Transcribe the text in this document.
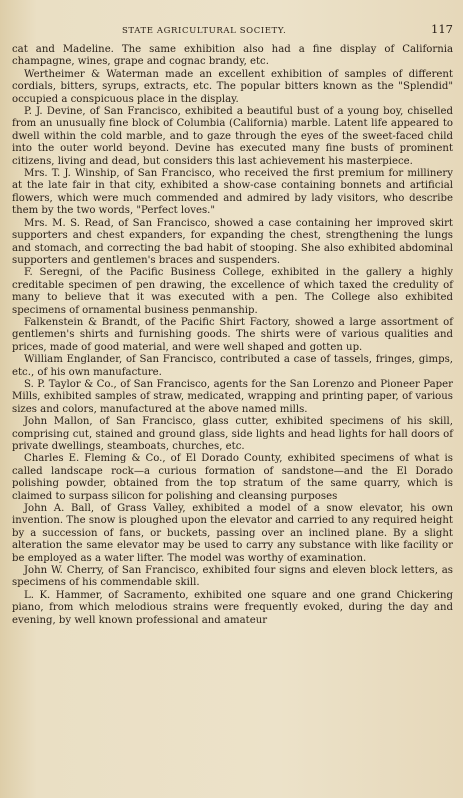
STATE AGRICULTURAL SOCIETY.	117

cat and Madeline. The same exhibition also had a fine display of California champagne, wines, grape and cognac brandy, etc.

Wertheimer & Waterman made an excellent exhibition of samples of different cordials, bitters, syrups, extracts, etc. The popular bitters known as the "Splendid" occupied a conspicuous place in the display.

P. J. Devine, of San Francisco, exhibited a beautiful bust of a young boy, chiselled from an unusually fine block of Columbia (California) marble. Latent life appeared to dwell within the cold marble, and to gaze through the eyes of the sweet-faced child into the outer world beyond. Devine has executed many fine busts of prominent citizens, living and dead, but considers this last achievement his masterpiece.

Mrs. T. J. Winship, of San Francisco, who received the first premium for millinery at the late fair in that city, exhibited a show-case containing bonnets and artificial flowers, which were much commended and admired by lady visitors, who describe them by the two words, "Perfect loves."

Mrs. M. S. Read, of San Francisco, showed a case containing her improved skirt supporters and chest expanders, for expanding the chest, strengthening the lungs and stomach, and correcting the bad habit of stooping. She also exhibited abdominal supporters and gentlemen's braces and suspenders.

F. Seregni, of the Pacific Business College, exhibited in the gallery a highly creditable specimen of pen drawing, the excellence of which taxed the credulity of many to believe that it was executed with a pen. The College also exhibited specimens of ornamental business penmanship.

Falkenstein & Brandt, of the Pacific Shirt Factory, showed a large assortment of gentlemen's shirts and furnishing goods. The shirts were of various qualities and prices, made of good material, and were well shaped and gotten up.

William Englander, of San Francisco, contributed a case of tassels, fringes, gimps, etc., of his own manufacture.

S. P. Taylor & Co., of San Francisco, agents for the San Lorenzo and Pioneer Paper Mills, exhibited samples of straw, medicated, wrapping and printing paper, of various sizes and colors, manufactured at the above named mills.

John Mallon, of San Francisco, glass cutter, exhibited specimens of his skill, comprising cut, stained and ground glass, side lights and head lights for hall doors of private dwellings, steamboats, churches, etc.

Charles E. Fleming & Co., of El Dorado County, exhibited specimens of what is called landscape rock—a curious formation of sandstone—and the El Dorado polishing powder, obtained from the top stratum of the same quarry, which is claimed to surpass silicon for polishing and cleansing purposes

John A. Ball, of Grass Valley, exhibited a model of a snow elevator, his own invention. The snow is ploughed upon the elevator and carried to any required height by a succession of fans, or buckets, passing over an inclined plane. By a slight alteration the same elevator may be used to carry any substance with like facility or be employed as a water lifter. The model was worthy of examination.

John W. Cherry, of San Francisco, exhibited four signs and eleven block letters, as specimens of his commendable skill.

L. K. Hammer, of Sacramento, exhibited one square and one grand Chickering piano, from which melodious strains were frequently evoked, during the day and evening, by well known professional and amateur
